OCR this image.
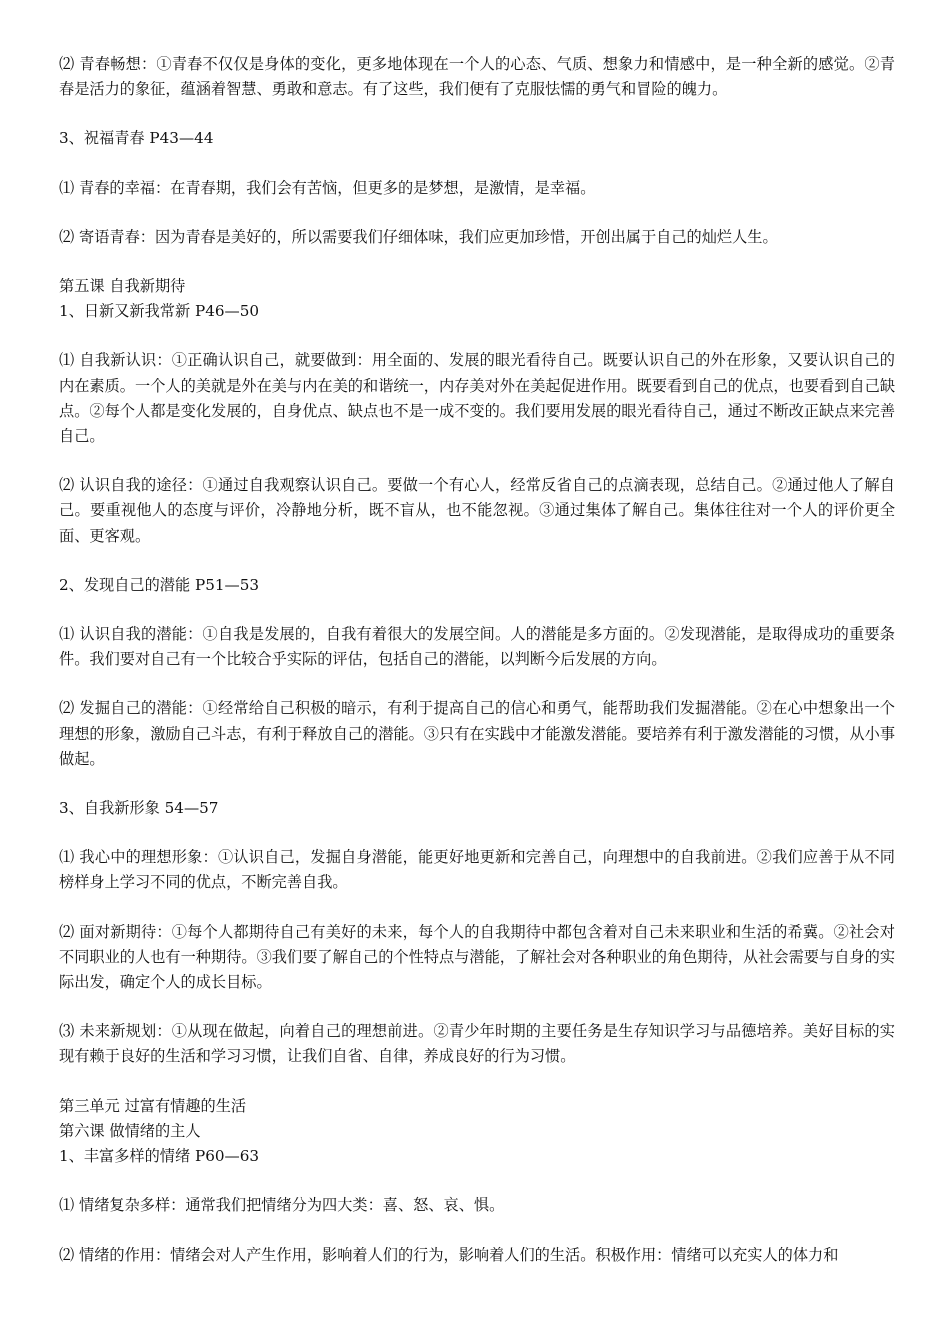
⑵ 青春畅想：①青春不仅仅是身体的变化，更多地体现在一个人的心态、气质、想象力和情感中，是一种全新的感觉。②青春是活力的象征，蕴涵着智慧、勇敢和意志。有了这些，我们便有了克服怯懦的勇气和冒险的魄力。

3、祝福青春 P43—44

⑴ 青春的幸福：在青春期，我们会有苦恼，但更多的是梦想，是激情，是幸福。

⑵ 寄语青春：因为青春是美好的，所以需要我们仔细体味，我们应更加珍惜，开创出属于自己的灿烂人生。

第五课 自我新期待

1、日新又新我常新 P46—50

⑴ 自我新认识：①正确认识自己，就要做到：用全面的、发展的眼光看待自己。既要认识自己的外在形象，又要认识自己的内在素质。一个人的美就是外在美与内在美的和谐统一，内存美对外在美起促进作用。既要看到自己的优点，也要看到自己缺点。②每个人都是变化发展的，自身优点、缺点也不是一成不变的。我们要用发展的眼光看待自己，通过不断改正缺点来完善自己。

⑵ 认识自我的途径：①通过自我观察认识自己。要做一个有心人，经常反省自己的点滴表现，总结自己。②通过他人了解自己。要重视他人的态度与评价，冷静地分析，既不盲从，也不能忽视。③通过集体了解自己。集体往往对一个人的评价更全面、更客观。

2、发现自己的潜能 P51—53

⑴ 认识自我的潜能：①自我是发展的，自我有着很大的发展空间。人的潜能是多方面的。②发现潜能，是取得成功的重要条件。我们要对自己有一个比较合乎实际的评估，包括自己的潜能，以判断今后发展的方向。

⑵ 发掘自己的潜能：①经常给自己积极的暗示，有利于提高自己的信心和勇气，能帮助我们发掘潜能。②在心中想象出一个理想的形象，激励自己斗志，有利于释放自己的潜能。③只有在实践中才能激发潜能。要培养有利于激发潜能的习惯，从小事做起。

3、自我新形象 54—57

⑴ 我心中的理想形象：①认识自己，发掘自身潜能，能更好地更新和完善自己，向理想中的自我前进。②我们应善于从不同榜样身上学习不同的优点，不断完善自我。

⑵ 面对新期待：①每个人都期待自己有美好的未来，每个人的自我期待中都包含着对自己未来职业和生活的希冀。②社会对不同职业的人也有一种期待。③我们要了解自己的个性特点与潜能，了解社会对各种职业的角色期待，从社会需要与自身的实际出发，确定个人的成长目标。

⑶ 未来新规划：①从现在做起，向着自己的理想前进。②青少年时期的主要任务是生存知识学习与品德培养。美好目标的实现有赖于良好的生活和学习习惯，让我们自省、自律，养成良好的行为习惯。

第三单元 过富有情趣的生活

第六课 做情绪的主人

1、丰富多样的情绪 P60—63

⑴ 情绪复杂多样：通常我们把情绪分为四大类：喜、怒、哀、惧。

⑵ 情绪的作用：情绪会对人产生作用，影响着人们的行为，影响着人们的生活。积极作用：情绪可以充实人的体力和
